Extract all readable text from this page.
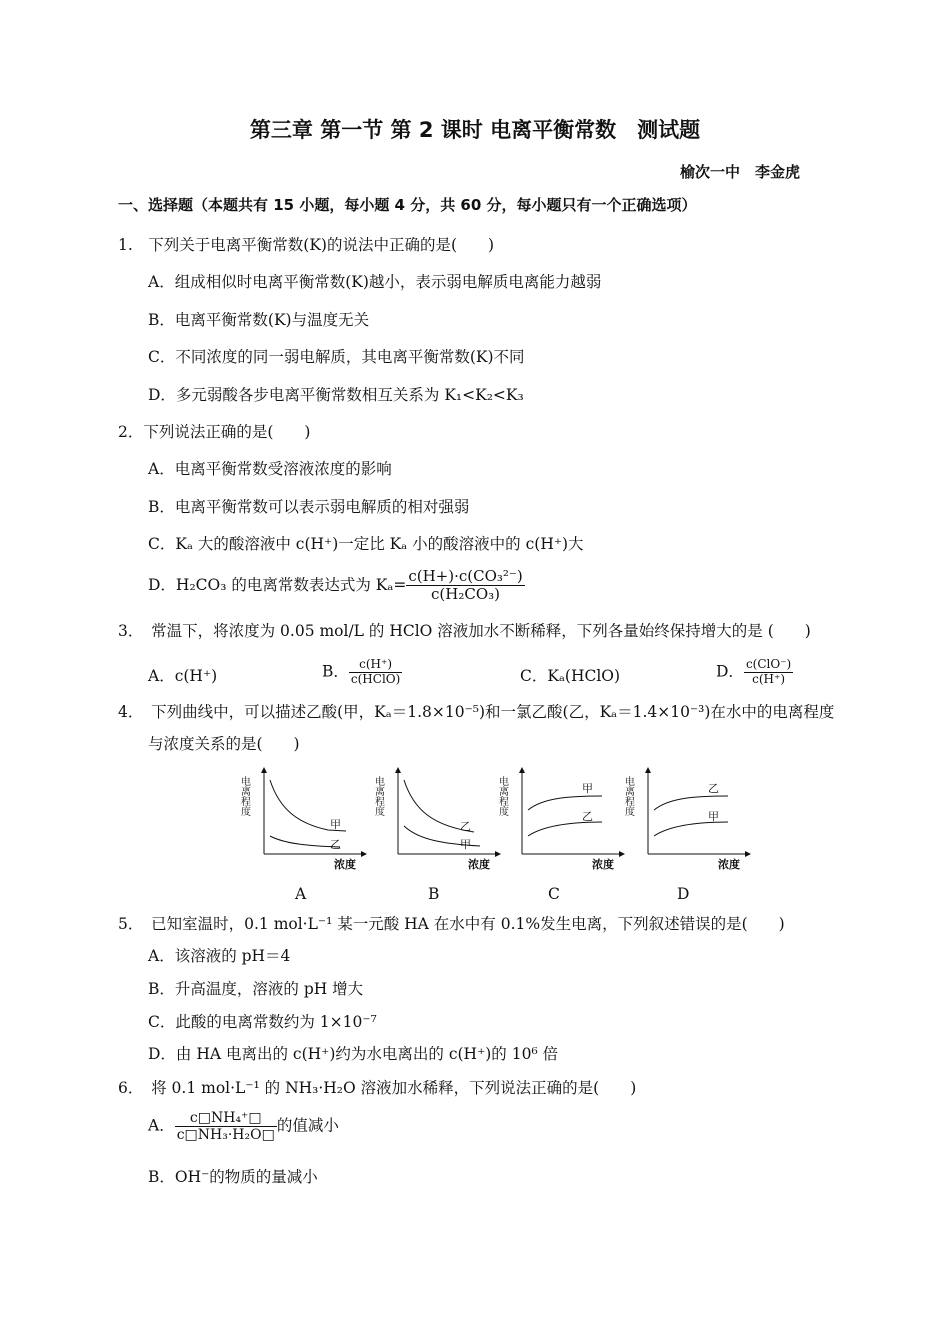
第三章 第一节 第 2 课时 电离平衡常数　测试题
榆次一中　李金虎
一、选择题（本题共有 15 小题，每小题 4 分，共 60 分，每小题只有一个正确选项）
1.　下列关于电离平衡常数(K)的说法中正确的是(　　)
A．组成相似时电离平衡常数(K)越小，表示弱电解质电离能力越弱
B．电离平衡常数(K)与温度无关
C．不同浓度的同一弱电解质，其电离平衡常数(K)不同
D．多元弱酸各步电离平衡常数相互关系为 K₁<K₂<K₃
2．下列说法正确的是(　　)
A．电离平衡常数受溶液浓度的影响
B．电离平衡常数可以表示弱电解质的相对强弱
C．Kₐ 大的酸溶液中 c(H⁺)一定比 Kₐ 小的酸溶液中的 c(H⁺)大
D．H₂CO₃ 的电离常数表达式为 $K_a= \frac{\text{c(H+)·c(CO₃²⁻)}}{\text{c(H₂CO₃)}}$
3．　常温下，将浓度为 0.05 mol/L 的 HClO 溶液加水不断稀释，下列各量始终保持增大的是 (　　)
A．c(H⁺)	B． $\frac{c(H^+)}{\text{c(HClO)}}$	C．Kₐ(HClO)	D． $\frac{\text{c(ClO⁻)}}{c(H^+)}$
4．　下列曲线中，可以描述乙酸(甲，Kₐ＝1.8×10⁻⁵)和一氯乙酸(乙，Kₐ＝1.4×10⁻³)在水中的电离程度
与浓度关系的是(　　)
电离程度
浓度
甲
乙
电离程度
浓度
乙
甲
电离程度
浓度
甲
乙
电离程度
浓度
乙
甲
A	B	C	D
5．　已知室温时，0.1 mol·L⁻¹ 某一元酸 HA 在水中有 0.1%发生电离，下列叙述错误的是(　　)
A．该溶液的 pH＝4
B．升高温度，溶液的 pH 增大
C．此酸的电离常数约为 1×10⁻⁷
D．由 HA 电离出的 c(H⁺)约为水电离出的 c(H⁺)的 10⁶ 倍
6．　将 0.1 mol·L⁻¹ 的 NH₃·H₂O 溶液加水稀释，下列说法正确的是(　　)
A． $\frac{\text{c□NH₄⁺□}}{\text{c□NH₃·H₂O□}}$ 的值减小
B．OH⁻的物质的量减小
